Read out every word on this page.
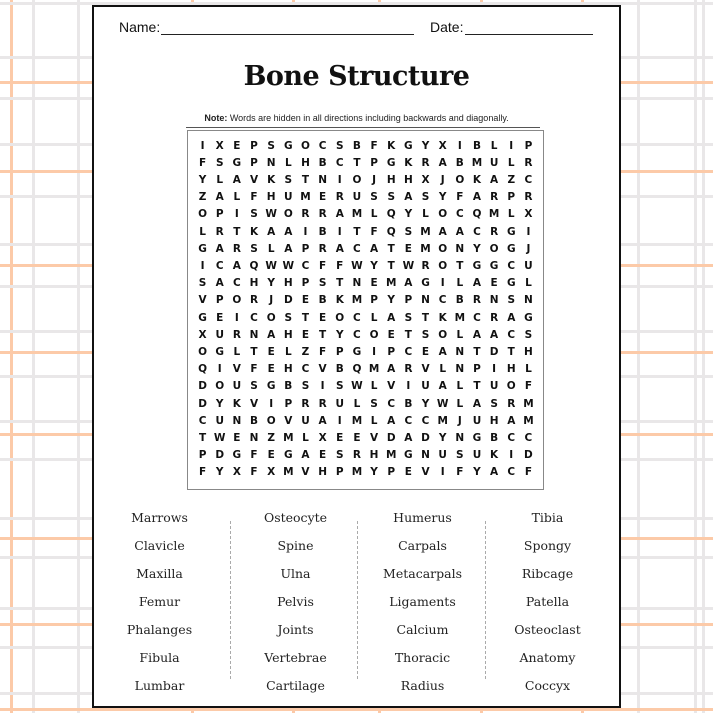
Name:	Date:
Bone Structure
Note: Words are hidden in all directions including backwards and diagonally.
I	X E P S G O C S B F K G Y X	I	B L	I	P
F S G P N L H B C T P G K R A B M U L R
Y L A V K S T N	I	O	J	H H X	J	O K A Z C
Z A L F H U M E R U S S A S Y F A R P R
O P	I	S W O R R A M L Q Y L O C Q M L X
L R T K A A	I	B	I	T F Q S M A A C R G	I
G A R S L A P R A C A T E M O N Y O G	J
I	C A Q W W C F F W Y T W R O T G G C U
S A C H Y H P S T N E M A G	I	L A E G L
V P O R	J	D E B K M P Y P N C B R N S N
G E	I	C O S T E O C L A S T K M C R A G
X U R N A H E T Y C O E T S O L A A C S
O G L T E L Z F P G	I	P C E A N T D T H
Q	I	V F E H C V B Q M A R V L N P	I	H L
D O U S G B S	I	S W L V	I	U A L T U O F
D Y K V	I	P R R U L S C B Y W L A S R M
C U N B O V U A	I M L A C C M J	U H A M
T W E N Z M L X E E V D A D Y N G B C C
P D G F E G A E S R H M G N U S U K	I	D
F Y X F X M V H P M Y P E V	I	F Y A C F
Marrows
Clavicle
Maxilla
Femur
Phalanges
Fibula
Lumbar
Osteocyte
Spine
Ulna
Pelvis
Joints
Vertebrae
Cartilage
Humerus
Carpals
Metacarpals
Ligaments
Calcium
Thoracic
Radius
Tibia
Spongy
Ribcage
Patella
Osteoclast
Anatomy
Coccyx
